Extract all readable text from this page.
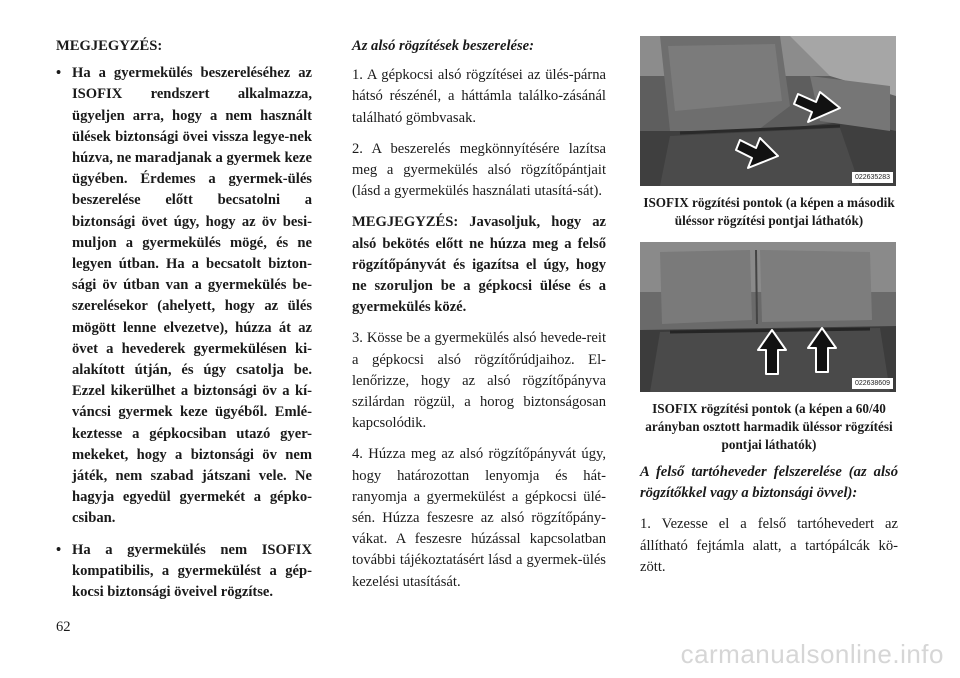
MEGJEGYZÉS:

• Ha a gyermekülés beszereléséhez az ISOFIX rendszert alkalmazza, ügyeljen arra, hogy a nem használt ülések biztonsági övei vissza legye-nek húzva, ne maradjanak a gyermek keze ügyében. Érdemes a gyermek-ülés beszerelése előtt becsatolni a biztonsági övet úgy, hogy az öv besi-muljon a gyermekülés mögé, és ne legyen útban. Ha a becsatolt bizton-sági öv útban van a gyermekülés be-szerelésekor (ahelyett, hogy az ülés mögött lenne elvezetve), húzza át az övet a hevederek gyermekülésen ki-alakított útján, és úgy csatolja be. Ezzel kikerülhet a biztonsági öv a kí-váncsi gyermek keze ügyéből. Emlé-keztesse a gépkocsiban utazó gyer-mekeket, hogy a biztonsági öv nem játék, nem szabad játszani vele. Ne hagyja egyedül gyermekét a gépko-csiban.
• Ha a gyermekülés nem ISOFIX kompatibilis, a gyermekülést a gép-kocsi biztonsági öveivel rögzítse.

Az alsó rögzítések beszerelése:

1. A gépkocsi alsó rögzítései az ülés-párna hátsó részénél, a háttámla találko-zásánál található gömbvasak.

2. A beszerelés megkönnyítésére lazítsa meg a gyermekülés alsó rögzítőpántjait (lásd a gyermekülés használati utasítá-sát).

MEGJEGYZÉS: Javasoljuk, hogy az alsó bekötés előtt ne húzza meg a felső rögzítőpányvát és igazítsa el úgy, hogy ne szoruljon be a gépkocsi ülése és a gyermekülés közé.

3. Kösse be a gyermekülés alsó hevede-reit a gépkocsi alsó rögzítőrúdjaihoz. El-lenőrizze, hogy az alsó rögzítőpányva szilárdan rögzül, a horog biztonságosan kapcsolódik.

4. Húzza meg az alsó rögzítőpányvát úgy, hogy határozottan lenyomja és hát-ranyomja a gyermekülést a gépkocsi ülé-sén. Húzza feszesre az alsó rögzítőpány-vákat. A feszesre húzással kapcsolatban további tájékoztatásért lásd a gyermek-ülés kezelési utasítását.

022635283

ISOFIX rögzítési pontok (a képen a második üléssor rögzítési pontjai láthatók)

022638609

ISOFIX rögzítési pontok (a képen a 60/40 arányban osztott harmadik üléssor rögzítési pontjai láthatók)

A felső tartóheveder felszerelése (az alsó rögzítőkkel vagy a biztonsági övvel):

1. Vezesse el a felső tartóhevedert az állítható fejtámla alatt, a tartópálcák kö-zött.

62
carmanualsonline.info
